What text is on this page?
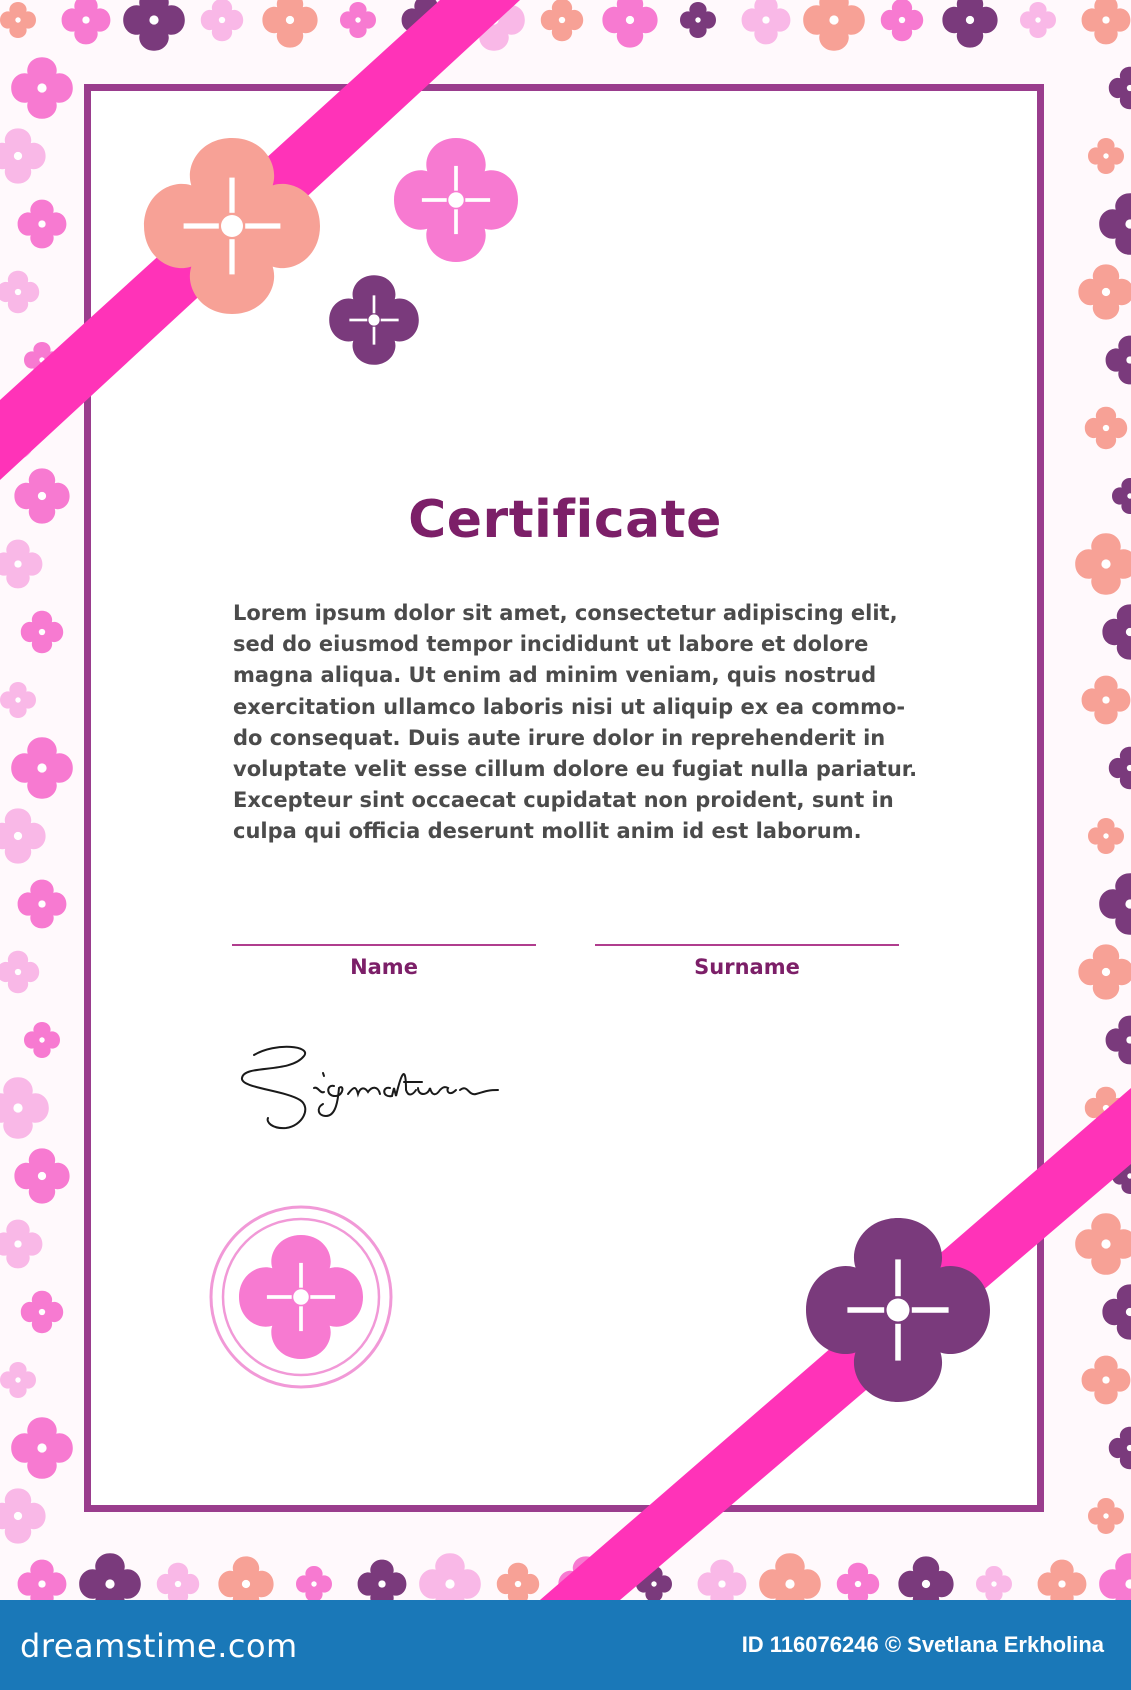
Certificate
Lorem ipsum dolor sit amet, consectetur adipiscing elit,
sed do eiusmod tempor incididunt ut labore et dolore
magna aliqua. Ut enim ad minim veniam, quis nostrud
exercitation ullamco laboris nisi ut aliquip ex ea commo-
do consequat. Duis aute irure dolor in reprehenderit in
voluptate velit esse cillum dolore eu fugiat nulla pariatur.
Excepteur sint occaecat cupidatat non proident, sunt in
culpa qui officia deserunt mollit anim id est laborum.
Name	Surname
dreamstime.com	ID 116076246 © Svetlana Erkholina
